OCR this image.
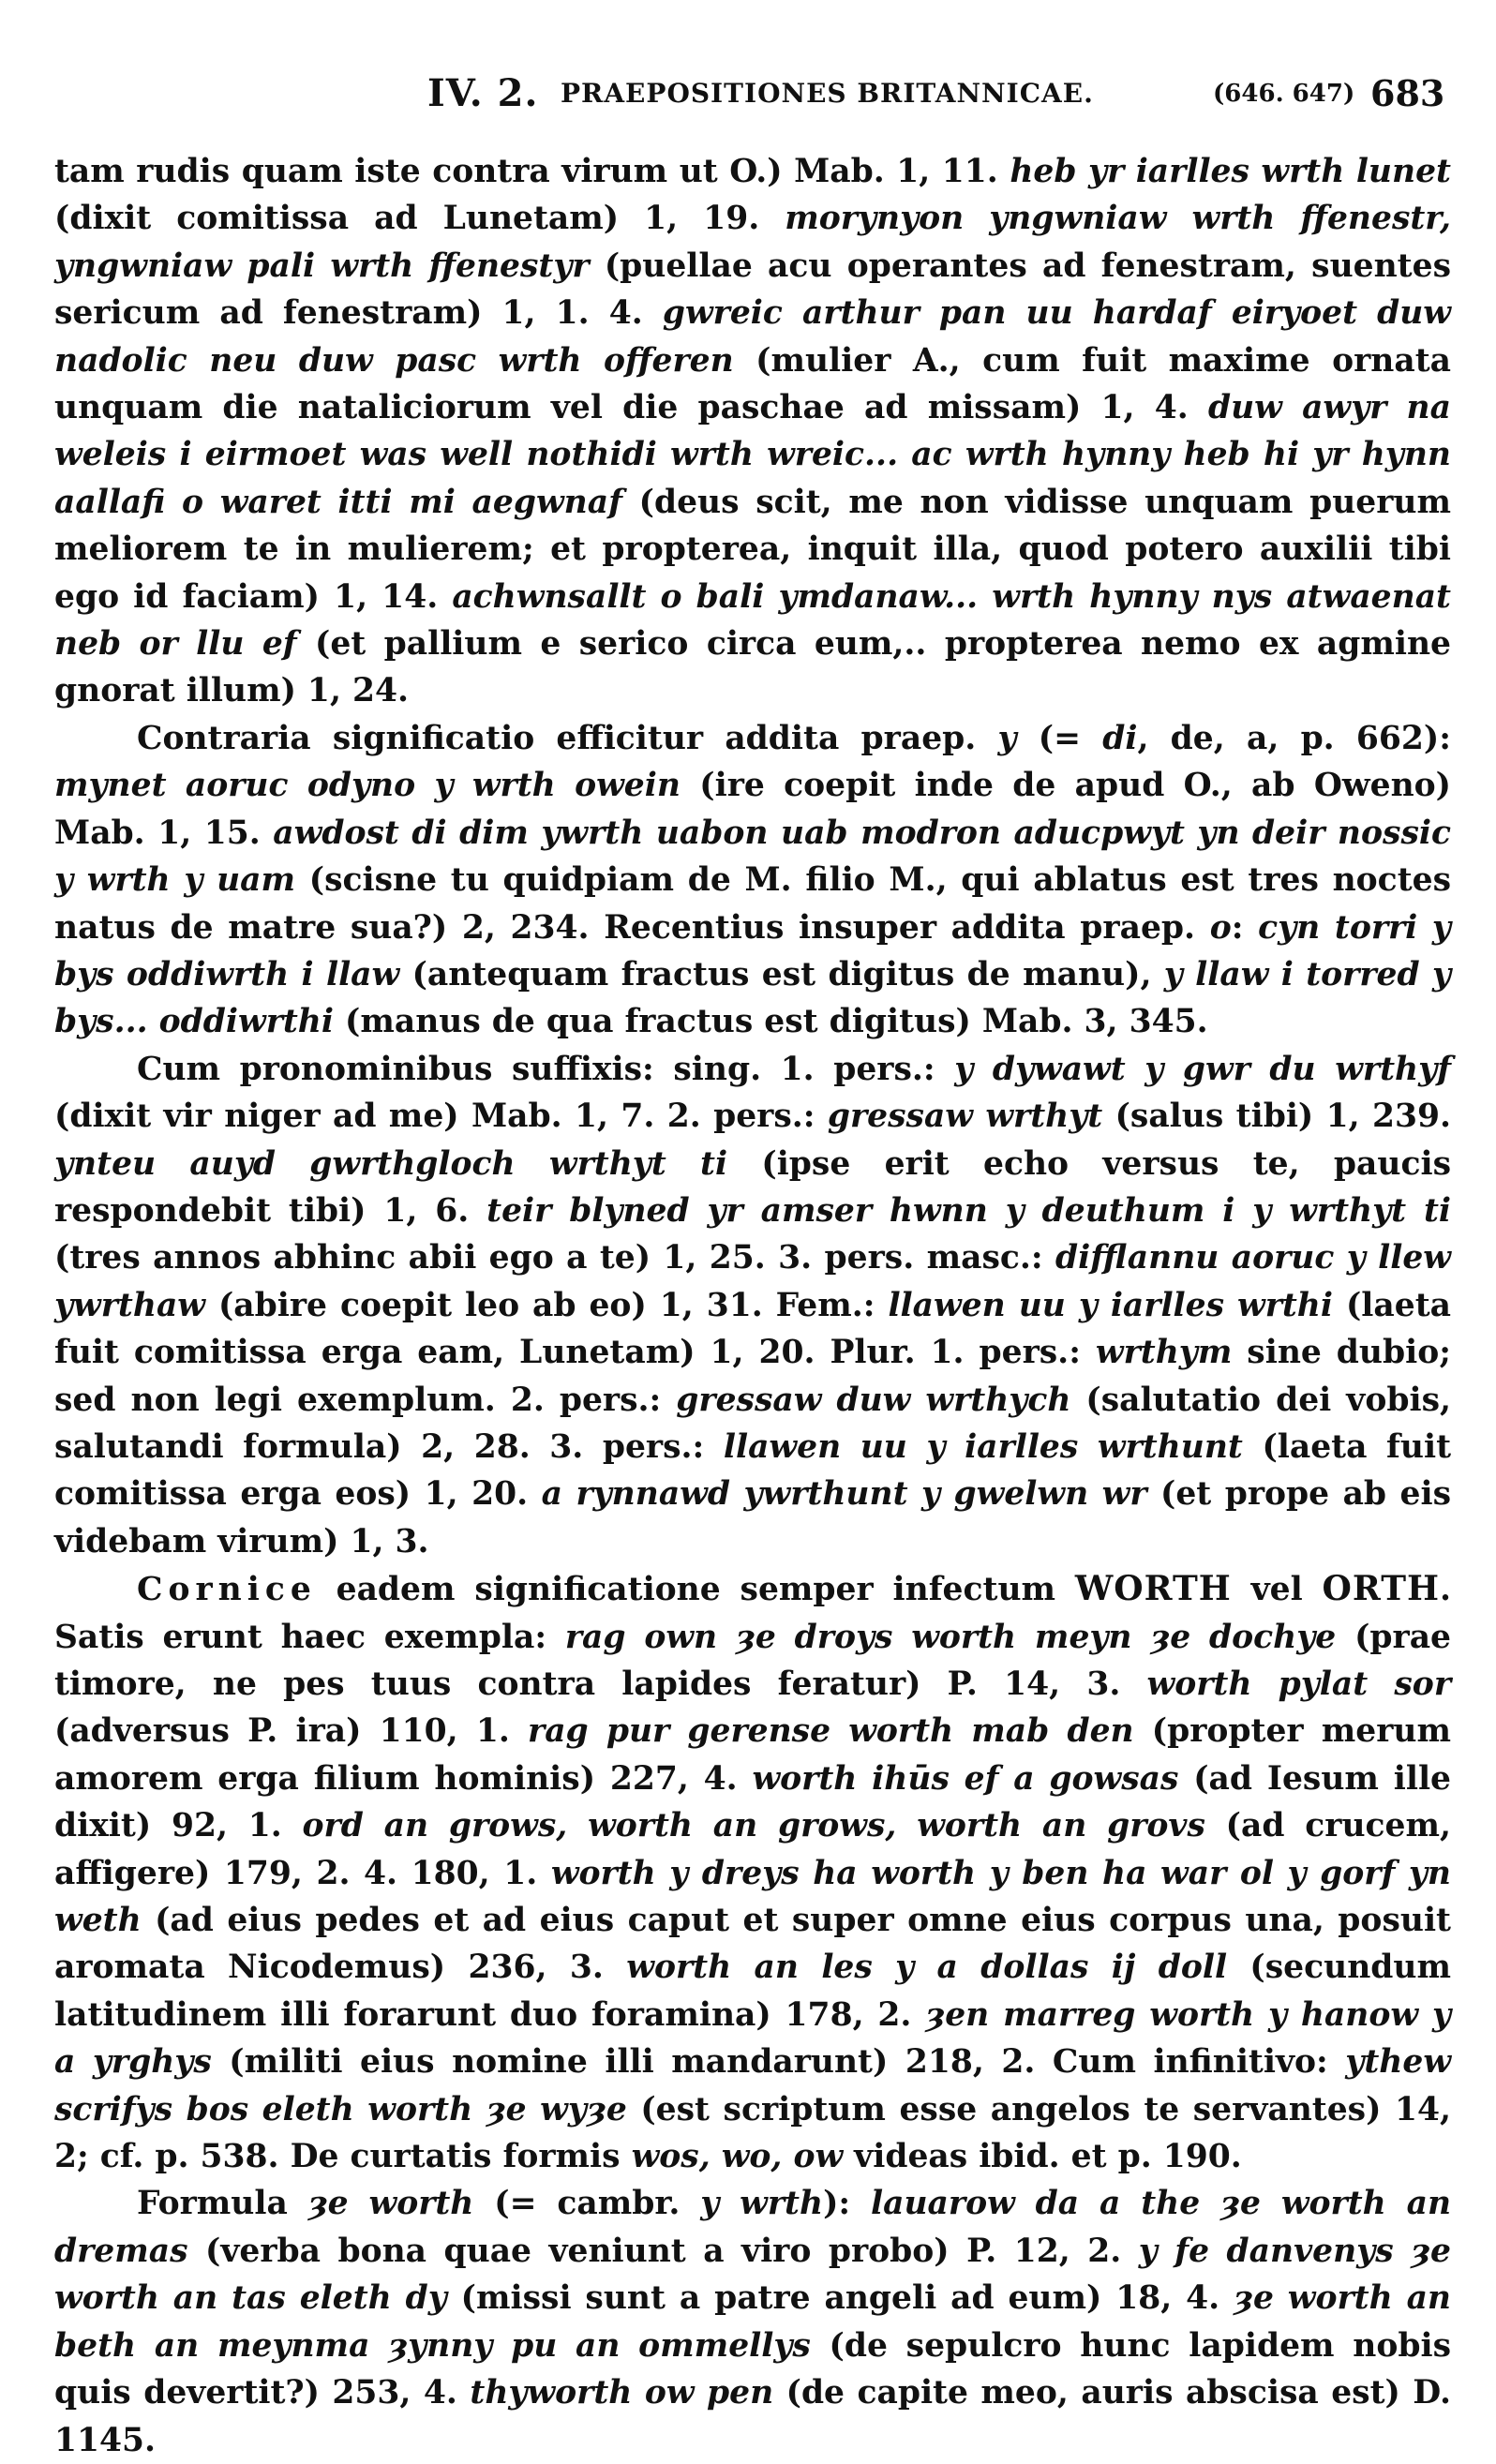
IV. 2. PRAEPOSITIONES BRITANNICAE.	(646. 647) 683

tam rudis quam iste contra virum ut O.) Mab. 1, 11. heb yr iarlles wrth lunet (dixit comitissa ad Lunetam) 1, 19. morynyon yngwniaw wrth ffenestr, yngwniaw pali wrth ffenestyr (puellae acu operantes ad fenestram, suentes sericum ad fenestram) 1, 1. 4. gwreic arthur pan uu hardaf eiryoet duw nadolic neu duw pasc wrth offeren (mulier A., cum fuit maxime ornata unquam die nataliciorum vel die paschae ad missam) 1, 4. duw awyr na weleis i eirmoet was well nothidi wrth wreic... ac wrth hynny heb hi yr hynn aallafi o waret itti mi aegwnaf (deus scit, me non vidisse unquam puerum meliorem te in mulierem; et propterea, inquit illa, quod potero auxilii tibi ego id faciam) 1, 14. achwnsallt o bali ymdanaw... wrth hynny nys atwaenat neb or llu ef (et pallium e serico circa eum,.. propterea nemo ex agmine gnorat illum) 1, 24.

Contraria significatio efficitur addita praep. y (= di, de, a, p. 662): mynet aoruc odyno y wrth owein (ire coepit inde de apud O., ab Oweno) Mab. 1, 15. awdost di dim ywrth uabon uab modron aducpwyt yn deir nossic y wrth y uam (scisne tu quidpiam de M. filio M., qui ablatus est tres noctes natus de matre sua?) 2, 234. Recentius insuper addita praep. o: cyn torri y bys oddiwrth i llaw (antequam fractus est digitus de manu), y llaw i torred y bys... oddiwrthi (manus de qua fractus est digitus) Mab. 3, 345.

Cum pronominibus suffixis: sing. 1. pers.: y dywawt y gwr du wrthyf (dixit vir niger ad me) Mab. 1, 7. 2. pers.: gressaw wrthyt (salus tibi) 1, 239. ynteu auyd gwrthgloch wrthyt ti (ipse erit echo versus te, paucis respondebit tibi) 1, 6. teir blyned yr amser hwnn y deuthum i y wrthyt ti (tres annos abhinc abii ego a te) 1, 25. 3. pers. masc.: difflannu aoruc y llew ywrthaw (abire coepit leo ab eo) 1, 31. Fem.: llawen uu y iarlles wrthi (laeta fuit comitissa erga eam, Lunetam) 1, 20. Plur. 1. pers.: wrthym sine dubio; sed non legi exemplum. 2. pers.: gressaw duw wrthych (salutatio dei vobis, salutandi formula) 2, 28. 3. pers.: llawen uu y iarlles wrthunt (laeta fuit comitissa erga eos) 1, 20. a rynnawd ywrthunt y gwelwn wr (et prope ab eis videbam virum) 1, 3.

Cornice eadem significatione semper infectum WORTH vel ORTH. Satis erunt haec exempla: rag own ȝe droys worth meyn ȝe dochye (prae timore, ne pes tuus contra lapides feratur) P. 14, 3. worth pylat sor (adversus P. ira) 110, 1. rag pur gerense worth mab den (propter merum amorem erga filium hominis) 227, 4. worth ihūs ef a gowsas (ad Iesum ille dixit) 92, 1. ord an grows, worth an grows, worth an grovs (ad crucem, affigere) 179, 2. 4. 180, 1. worth y dreys ha worth y ben ha war ol y gorf yn weth (ad eius pedes et ad eius caput et super omne eius corpus una, posuit aromata Nicodemus) 236, 3. worth an les y a dollas ij doll (secundum latitudinem illi forarunt duo foramina) 178, 2. ȝen marreg worth y hanow y a yrghys (militi eius nomine illi mandarunt) 218, 2. Cum infinitivo: ythew scrifys bos eleth worth ȝe wyȝe (est scriptum esse angelos te servantes) 14, 2; cf. p. 538. De curtatis formis wos, wo, ow videas ibid. et p. 190.

Formula ȝe worth (= cambr. y wrth): lauarow da a the ȝe worth an dremas (verba bona quae veniunt a viro probo) P. 12, 2. y fe danvenys ȝe worth an tas eleth dy (missi sunt a patre angeli ad eum) 18, 4. ȝe worth an beth an meynma ȝynny pu an ommellys (de sepulcro hunc lapidem nobis quis devertit?) 253, 4. thyworth ow pen (de capite meo, auris abscisa est) D. 1145.
